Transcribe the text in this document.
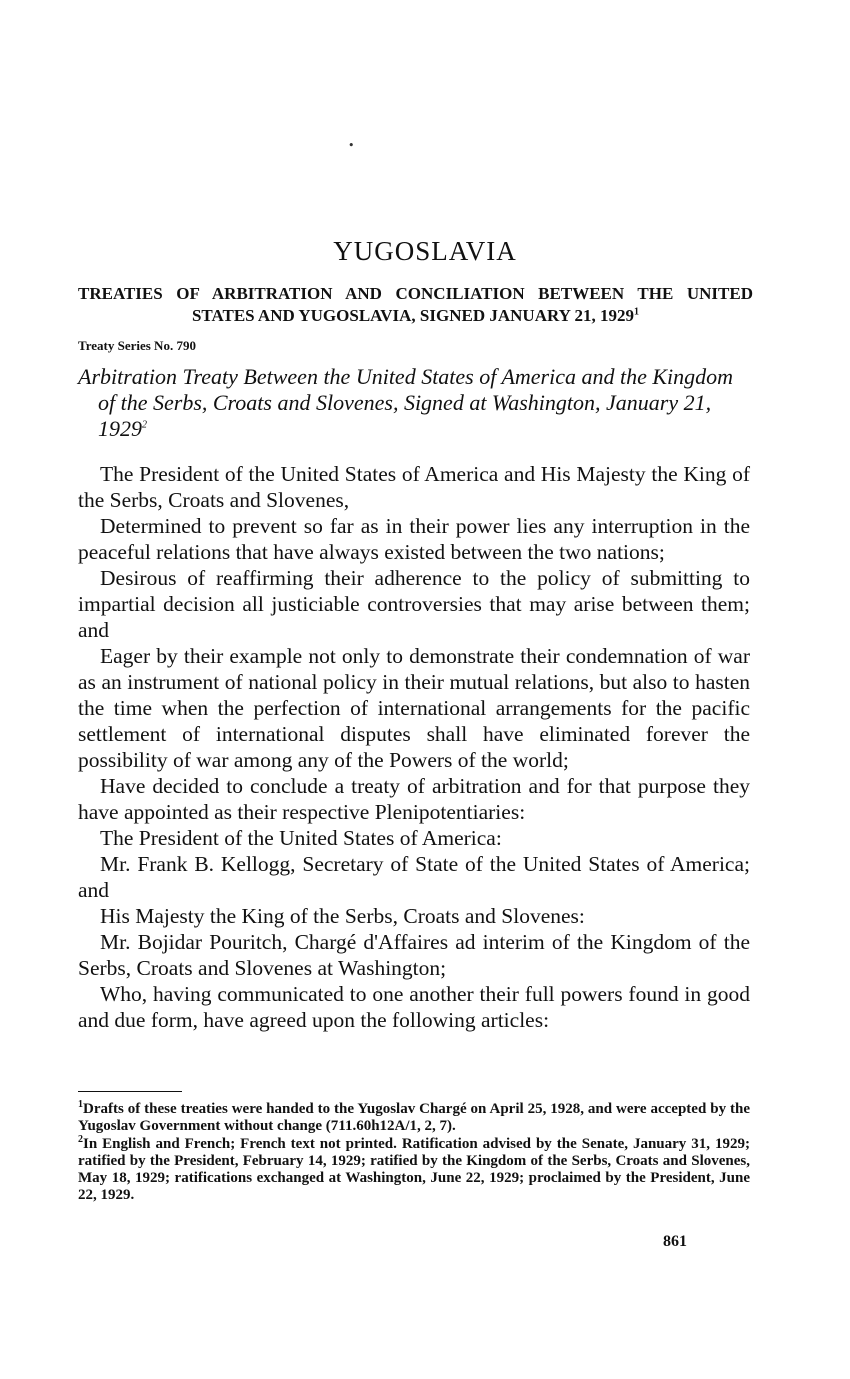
•
YUGOSLAVIA
TREATIES OF ARBITRATION AND CONCILIATION BETWEEN THE UNITED STATES AND YUGOSLAVIA, SIGNED JANUARY 21, 1929$^1$
Treaty Series No. 790
Arbitration Treaty Between the United States of America and the Kingdom of the Serbs, Croats and Slovenes, Signed at Washington, January 21, 1929$^2$

The President of the United States of America and His Majesty the King of the Serbs, Croats and Slovenes,

Determined to prevent so far as in their power lies any interruption in the peaceful relations that have always existed between the two nations;

Desirous of reaffirming their adherence to the policy of submitting to impartial decision all justiciable controversies that may arise between them; and

Eager by their example not only to demonstrate their condemnation of war as an instrument of national policy in their mutual relations, but also to hasten the time when the perfection of international arrangements for the pacific settlement of international disputes shall have eliminated forever the possibility of war among any of the Powers of the world;

Have decided to conclude a treaty of arbitration and for that purpose they have appointed as their respective Plenipotentiaries:

The President of the United States of America:

Mr. Frank B. Kellogg, Secretary of State of the United States of America; and

His Majesty the King of the Serbs, Croats and Slovenes:

Mr. Bojidar Pouritch, Chargé d'Affaires ad interim of the Kingdom of the Serbs, Croats and Slovenes at Washington;

Who, having communicated to one another their full powers found in good and due form, have agreed upon the following articles:

$^1$Drafts of these treaties were handed to the Yugoslav Chargé on April 25, 1928, and were accepted by the Yugoslav Government without change (711.60h12A/1, 2, 7).

$^2$In English and French; French text not printed. Ratification advised by the Senate, January 31, 1929; ratified by the President, February 14, 1929; ratified by the Kingdom of the Serbs, Croats and Slovenes, May 18, 1929; ratifications exchanged at Washington, June 22, 1929; proclaimed by the President, June 22, 1929.

861
